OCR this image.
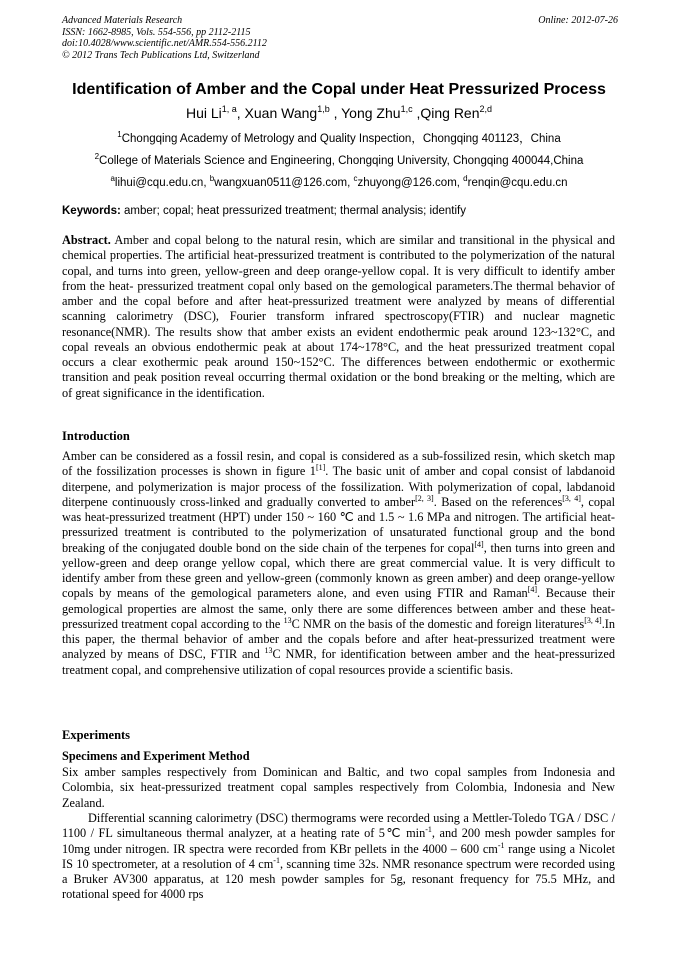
Advanced Materials Research
ISSN: 1662-8985, Vols. 554-556, pp 2112-2115
doi:10.4028/www.scientific.net/AMR.554-556.2112
© 2012 Trans Tech Publications Ltd, Switzerland
Online: 2012-07-26
Identification of Amber and the Copal under Heat Pressurized Process
Hui Li$^{1, a}$, Xuan Wang$^{1,b}$ , Yong Zhu$^{1,c}$ ,Qing Ren$^{2,d}$
$^1$Chongqing Academy of Metrology and Quality Inspection，Chongqing 401123，China
$^2$College of Materials Science and Engineering, Chongqing University, Chongqing 400044,China
$^a$lihui@cqu.edu.cn, $^b$wangxuan0511@126.com, $^c$zhuyong@126.com, $^d$renqin@cqu.edu.cn
Keywords: amber; copal; heat pressurized treatment; thermal analysis; identify
Abstract. Amber and copal belong to the natural resin, which are similar and transitional in the physical and chemical properties. The artificial heat-pressurized treatment is contributed to the polymerization of the natural copal, and turns into green, yellow-green and deep orange-yellow copal. It is very difficult to identify amber from the heat- pressurized treatment copal only based on the gemological parameters.The thermal behavior of amber and the copal before and after heat-pressurized treatment were analyzed by means of differential scanning calorimetry (DSC), Fourier transform infrared spectroscopy(FTIR) and nuclear magnetic resonance(NMR). The results show that amber exists an evident endothermic peak around 123~132°C, and copal reveals an obvious endothermic peak at about 174~178°C, and the heat pressurized treatment copal occurs a clear exothermic peak around 150~152°C. The differences between endothermic or exothermic transition and peak position reveal occurring thermal oxidation or the bond breaking or the melting, which are of great significance in the identification.
Introduction
Amber can be considered as a fossil resin, and copal is considered as a sub-fossilized resin, which sketch map of the fossilization processes is shown in figure 1[1]. The basic unit of amber and copal consist of labdanoid diterpene, and polymerization is major process of the fossilization. With polymerization of copal, labdanoid diterpene continuously cross-linked and gradually converted to amber[2, 3]. Based on the references[3, 4], copal was heat-pressurized treatment (HPT) under 150 ~ 160 ℃ and 1.5 ~ 1.6 MPa and nitrogen. The artificial heat-pressurized treatment is contributed to the polymerization of unsaturated functional group and the bond breaking of the conjugated double bond on the side chain of the terpenes for copal[4], then turns into green and yellow-green and deep orange yellow copal, which there are great commercial value. It is very difficult to identify amber from these green and yellow-green (commonly known as green amber) and deep orange-yellow copals by means of the gemological parameters alone, and even using FTIR and Raman[4]. Because their gemological properties are almost the same, only there are some differences between amber and these heat-pressurized treatment copal according to the $^{13}$C NMR on the basis of the domestic and foreign literatures[3, 4].In this paper, the thermal behavior of amber and the copals before and after heat-pressurized treatment were analyzed by means of DSC, FTIR and $^{13}$C NMR, for identification between amber and the heat-pressurized treatment copal, and comprehensive utilization of copal resources provide a scientific basis.
Experiments
Specimens and Experiment Method
Six amber samples respectively from Dominican and Baltic, and two copal samples from Indonesia and Colombia, six heat-pressurized treatment copal samples respectively from Colombia, Indonesia and New Zealand.
Differential scanning calorimetry (DSC) thermograms were recorded using a Mettler-Toledo TGA / DSC / 1100 / FL simultaneous thermal analyzer, at a heating rate of 5℃ $\min^{-1}$, and 200 mesh powder samples for 10mg under nitrogen. IR spectra were recorded from KBr pellets in the 4000 – 600 $cm^{-1}$ range using a Nicolet IS 10 spectrometer, at a resolution of 4 $cm^{-1}$, scanning time 32s. NMR resonance spectrum were recorded using a Bruker AV300 apparatus, at 120 mesh powder samples for 5g, resonant frequency for 75.5 MHz, and rotational speed for 4000 rps
